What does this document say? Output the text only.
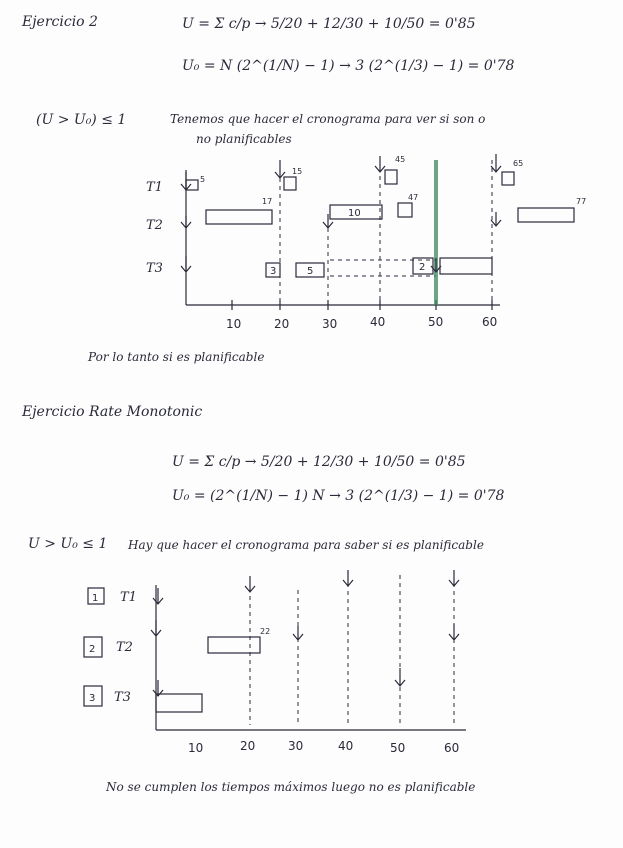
Ejercicio 2	U = Σ c/p → 5/20 + 12/30 + 10/50 = 0'85
U₀ = N (2^(1/N) − 1) → 3 (2^(1/3) − 1) = 0'78
(U > U₀) ≤ 1	Tenemos que hacer el cronograma para ver si son o
no planificables
T1
T2
T3
10	20	30	40	50	60
3	5
10
2
5
15
45	65
17	47	77
Por lo tanto si es planificable
Ejercicio Rate Monotonic
U = Σ c/p → 5/20 + 12/30 + 10/50 = 0'85
U₀ = (2^(1/N) − 1) N → 3 (2^(1/3) − 1) = 0'78
U > U₀ ≤ 1 Hay que hacer el cronograma para saber si es planificable
1
2
3
T1
T2
T3
10	20	30	40	50	60
22
No se cumplen los tiempos máximos luego no es planificable
